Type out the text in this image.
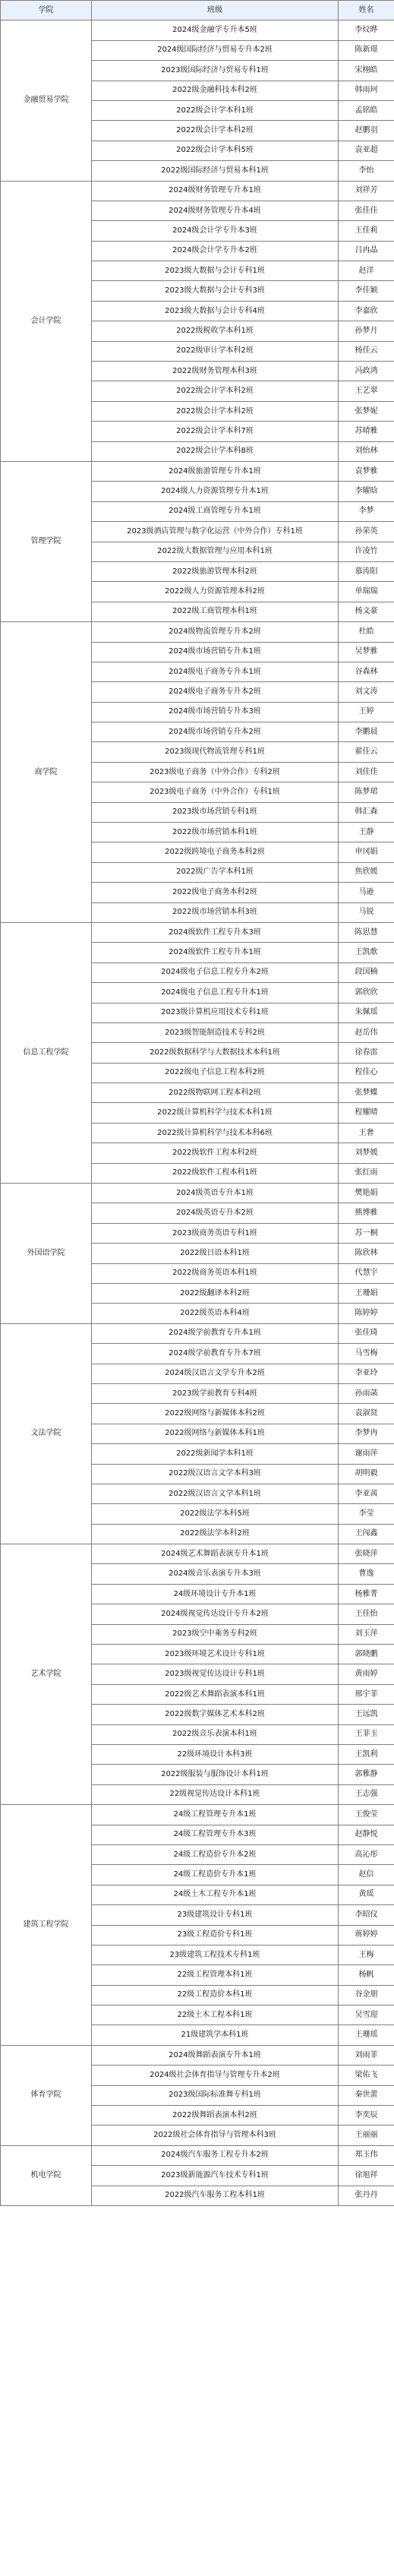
学院	班级	姓名
金融贸易学院	2024级金融学专升本5班	李炆晔
	2024级国际经济与贸易专升本2班	陈新璟
	2023级国际经济与贸易专科1班	宋栩皓
	2022级金融科技本科2班	韩雨珂
	2022级会计学本科1班	孟铭皓
	2022级会计学本科2班	赵鹏羽
	2022级会计学本科5班	袁亚超
	2022级国际经济与贸易本科1班	李怡
会计学院	2024级财务管理专升本1班	刘祥芳
	2024级财务管理专升本4班	张佳佳
	2024级会计学专升本3班	王佳莉
	2024级会计学专升本2班	吕冉晶
	2023级大数据与会计专科1班	赵洋
	2023级大数据与会计专科3班	李佳颖
	2023级大数据与会计专科4班	李嘉欣
	2022级税收学本科1班	孙梦月
	2022级审计学本科2班	杨佳云
	2022级财务管理本科3班	冯政鸿
	2022级会计学本科2班	王艺翠
	2022级会计学本科2班	张梦妮
	2022级会计学本科7班	苏晴雅
	2022级会计学本科8班	刘怡林
管理学院	2024级旅游管理专升本1班	袁梦雅
	2024级人力资源管理专升本1班	李曜晗
	2024级工商管理专升本1班	李梦
	2023级酒店管理与数字化运营（中外合作）专科1班	孙荣英
	2022级大数据管理与应用本科1班	许凌竹
	2022级旅游管理本科2班	慕涛阳
	2022级人力资源管理本科2班	单瑞瑞
	2022级工商管理本科1班	杨文豪
商学院	2024级物流管理专升本2班	杜皓
	2024级市场营销专升本1班	吴梦雅
	2024级电子商务专升本1班	谷森林
	2024级电子商务专升本2班	刘文涛
	2024级市场营销专升本3班	王婷
	2024级市场营销专升本2班	李鹏晨
	2023级现代物流管理专科1班	翟佳云
	2023级电子商务（中外合作）专科2班	刘佳佳
	2023级电子商务（中外合作）专科1班	陈梦珺
	2023级市场营销专科1班	韩汇森
	2022级市场营销本科1班	王静
	2022级跨境电子商务本科2班	申冈娟
	2022级广告学本科1班	焦欣媛
	2022级电子商务本科2班	马逊
	2022级市场营销本科3班	马锐
信息工程学院	2024级软件工程专升本3班	陈思慧
	2024级软件工程专升本1班	王凯歌
	2024级电子信息工程专升本2班	段国楠
	2024级电子信息工程专升本1班	郭欣欣
	2023级计算机应用技术专科1班	朱佩瑶
	2023级智能制造技术专科2班	赵岳伟
	2022级数据科学与大数据技术本科1班	徐春雷
	2022级电子信息工程本科2班	程佳心
	2022级物联网工程本科2班	张梦蝶
	2022级计算机科学与技术本科1班	程耀晴
	2022级计算机科学与技术本科6班	王奢
	2022级软件工程本科2班	刘梦媛
	2022级软件工程本科1班	张红雨
外国语学院	2024级英语专升本1班	樊艳娟
	2024级英语专升本2班	熊博雅
	2023级商务英语专科1班	苏一桐
	2022级日语本科1班	陈欣林
	2022级商务英语本科1班	代慧宇
	2022级翻译本科2班	王珊娟
	2022级英语本科4班	陈婷婷
文法学院	2024级学前教育专升本1班	张佳琦
	2024级学前教育专升本7班	马雪梅
	2024级汉语言文学专升本2班	李亚玲
	2023级学前教育专科4班	孙雨菡
	2022级网络与新媒体本科2班	袁淑贤
	2022级网络与新媒体本科1班	李梦冉
	2022级新闻学本科1班	谢雨萍
	2022级汉语言文学本科3班	胡明毅
	2022级汉语言文学本科1班	李亚茜
	2022级法学本科5班	李莹
	2022级法学本科2班	王闯鑫
艺术学院	2024级艺术舞蹈表演专升本1班	张晓萍
	2024级音乐表演专升本3班	曹逸
	24级环境设计专升本1班	杨雅菁
	2024级视觉传达设计专升本2班	王佳怡
	2023级空中乘务专科2班	刘玉萍
	2023级环境艺术设计专科1班	郭晓鹏
	2023级视觉传达设计专科1班	黄雨婷
	2022级艺术舞蹈表演本科1班	邢宇菲
	2022级数字媒体艺术本科2班	王远凯
	2022级音乐表演本科1班	王菲玉
	22级环境设计本科3班	王凯利
	2022级服装与服饰设计本科1班	郭雅静
	22级视觉传达设计本科1班	王志强
建筑工程学院	24级工程管理专升本1班	王俊莹
	24级工程管理专升本3班	赵静悦
	24级工程造价专升本2班	高沁彤
	24级工程造价专升本1班	赵信
	24级土木工程专升本1班	黄瑶
	23级建筑设计专科1班	李昭仪
	23级工程造价专科1班	蒋婷婷
	23级建筑工程技术专科1班	王梅
	22级工程管理本科1班	杨帆
	22级工程造价本科1班	谷金朋
	22级土木工程本科1班	吴雪迎
	21级建筑学本科1班	王珊瑶
体育学院	2024级舞蹈表演专升本1班	刘雨菲
	2024级社会体育指导与管理专升本2班	梁佑飞
	2023级国际标准舞专科1班	秦世蕾
	2022级舞蹈表演本科2班	李奕辰
	2022级社会体育指导与管理本科3班	王丽丽
机电学院	2024级汽车服务工程专升本2班	郑玉伟
	2023级新能源汽车技术专科1班	徐旭祥
	2022级汽车服务工程本科1班	张丹丹
